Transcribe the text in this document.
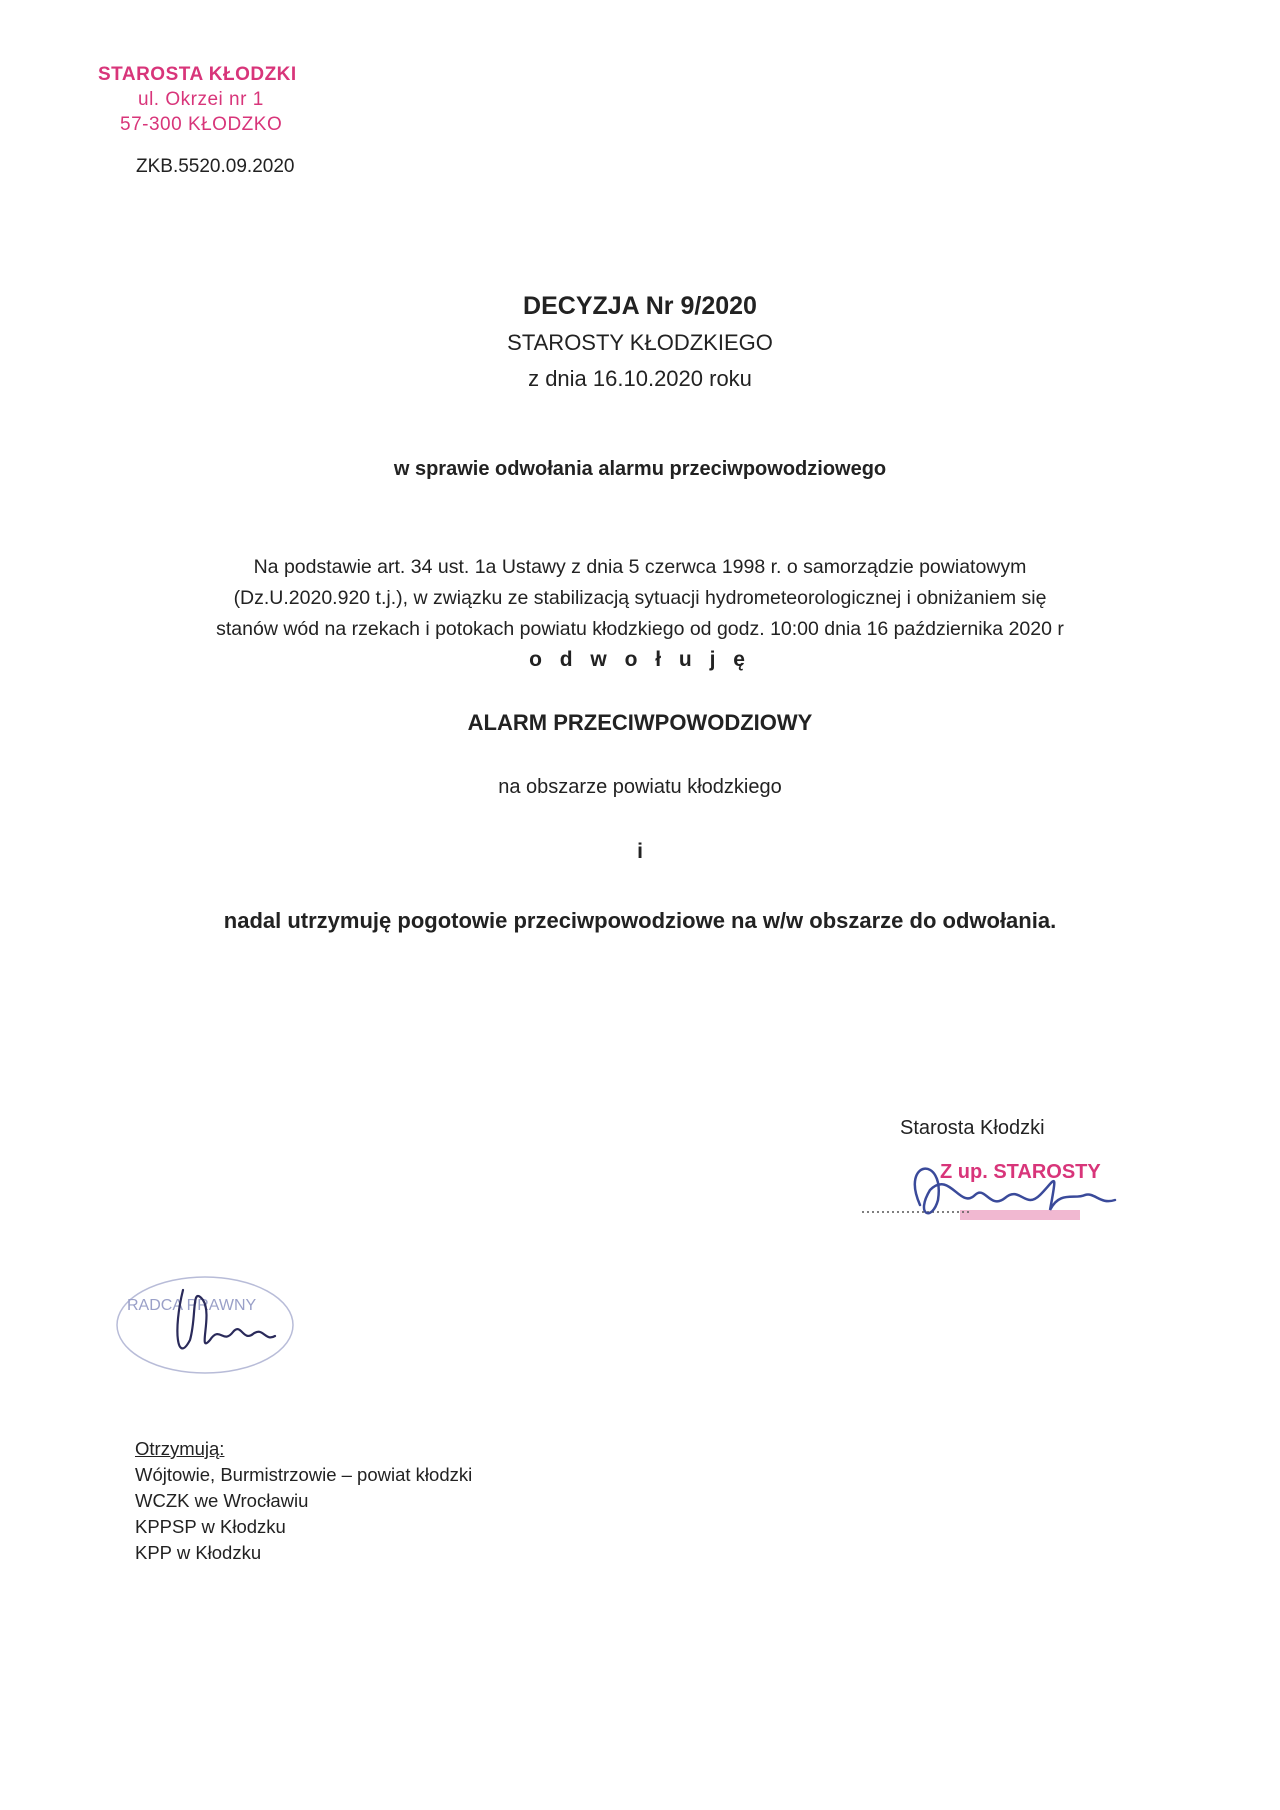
STAROSTA KŁODZKI
ul. Okrzei nr 1
57-300 KŁODZKO
ZKB.5520.09.2020
DECYZJA Nr 9/2020
STAROSTY KŁODZKIEGO
z dnia 16.10.2020 roku
w sprawie odwołania alarmu przeciwpowodziowego
Na podstawie art. 34 ust. 1a Ustawy z dnia 5 czerwca 1998 r. o samorządzie powiatowym
(Dz.U.2020.920 t.j.), w związku ze stabilizacją sytuacji hydrometeorologicznej i obniżaniem się
stanów wód na rzekach i potokach powiatu kłodzkiego od godz. 10:00 dnia 16 października 2020 r
o d w o ł u j ę
ALARM PRZECIWPOWODZIOWY
na obszarze powiatu kłodzkiego
i
nadal utrzymuję pogotowie przeciwpowodziowe na w/w obszarze do odwołania.
Starosta Kłodzki
Z up. STAROSTY
RADCA PRAWNY
Otrzymują:
Wójtowie, Burmistrzowie – powiat kłodzki
WCZK we Wrocławiu
KPPSP w Kłodzku
KPP w Kłodzku
